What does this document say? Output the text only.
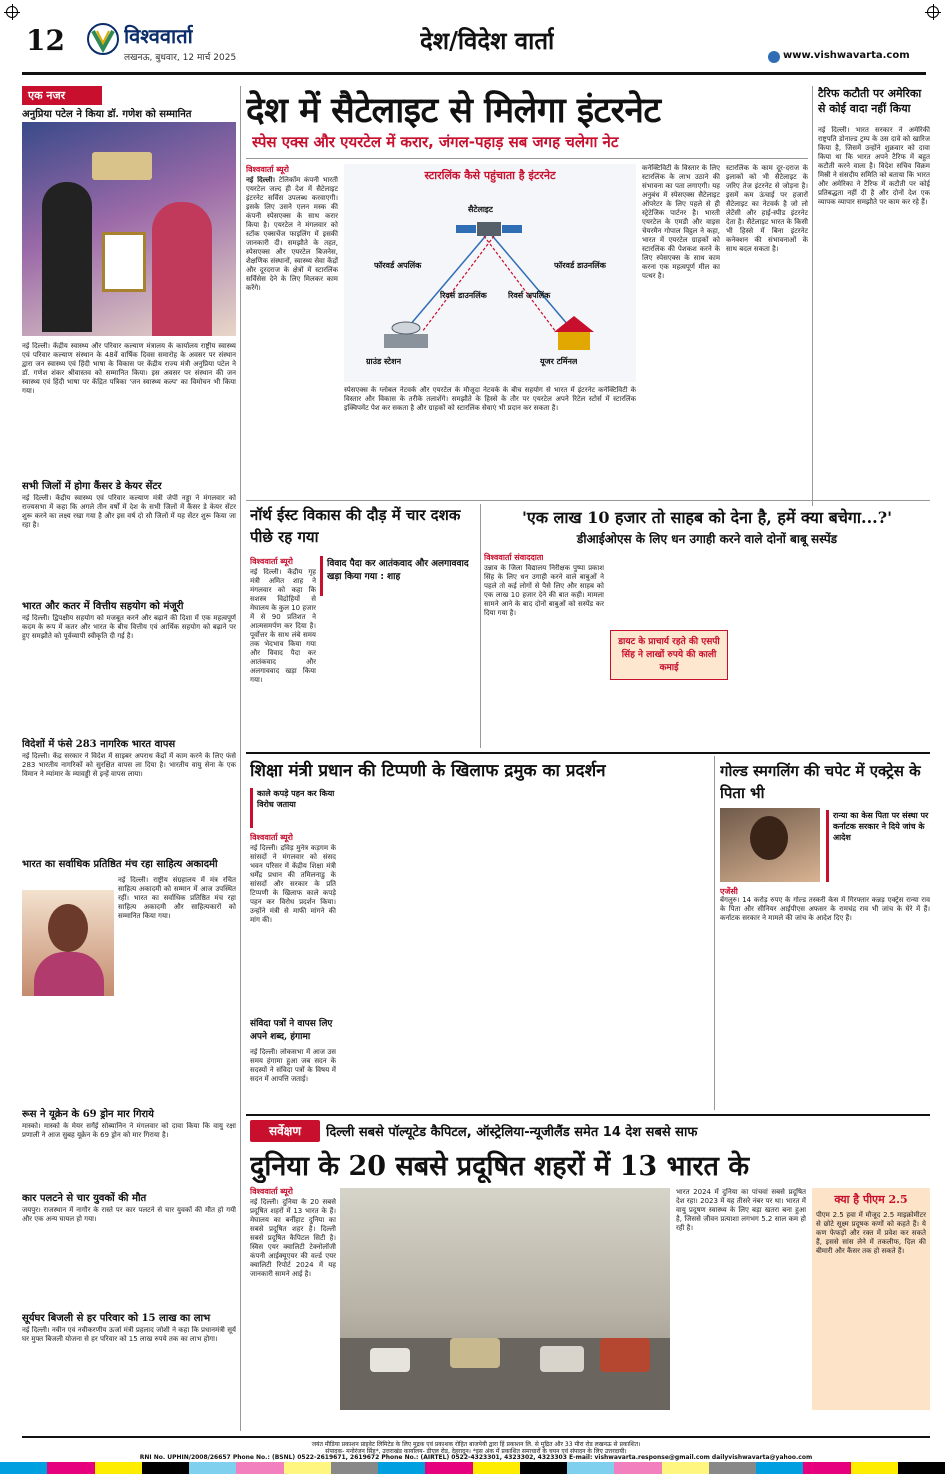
12	विश्ववार्ता
लखनऊ, बुधवार, 12 मार्च 2025
देश/विदेश वार्ता
www.vishwavarta.com
एक नजर
अनुप्रिया पटेल ने किया डॉ. गणेश को सम्मानित
नई दिल्ली। केंद्रीय स्वास्थ्य और परिवार कल्याण मंत्रालय के कार्यालय राष्ट्रीय स्वास्थ्य एवं परिवार कल्याण संस्थान के 48वें वार्षिक दिवस समारोह के अवसर पर संस्थान द्वारा जन स्वास्थ्य एवं हिंदी भाषा के विकास पर केंद्रीय राज्य मंत्री अनुप्रिया पटेल ने डॉ. गणेश शंकर श्रीवास्तव को सम्मानित किया। इस अवसर पर संस्थान की जन स्वास्थ्य एवं हिंदी भाषा पर केंद्रित पत्रिका 'जन स्वास्थ्य कल्प' का विमोचन भी किया गया।
सभी जिलों में होगा कैंसर डे केयर सेंटर
नई दिल्ली। केंद्रीय स्वास्थ्य एवं परिवार कल्याण मंत्री जेपी नड्डा ने मंगलवार को राज्यसभा में कहा कि अगले तीन वर्षों में देश के सभी जिलों में कैंसर डे केयर सेंटर शुरू करने का लक्ष्य रखा गया है और इस वर्ष दो सौ जिलों में यह सेंटर शुरू किया जा रहा है।
भारत और कतर में वित्तीय सहयोग को मंजूरी
नई दिल्ली। द्विपक्षीय सहयोग को मजबूत करने और बढ़ाने की दिशा में एक महत्वपूर्ण कदम के रूप में कतर और भारत के बीच वित्तीय एवं आर्थिक सहयोग को बढ़ाने पर हुए समझौते को पूर्वव्यापी स्वीकृति दी गई है।
विदेशों में फंसे 283 नागरिक भारत वापस
नई दिल्ली। केंद्र सरकार ने विदेश में साइबर अपराध केंद्रों में काम करने के लिए फंसे 283 भारतीय नागरिकों को सुरक्षित वापस ला दिया है। भारतीय वायु सेना के एक विमान ने म्यांमार के म्यावड्डी से इन्हें वापस लाया।
भारत का सर्वाधिक प्रतिष्ठित मंच रहा साहित्य अकादमी
नई दिल्ली। राष्ट्रीय संग्रहालय में मंत्र रचित साहित्य अकादमी को सम्मान में आज उपस्थित रहीं। भारत का सर्वाधिक प्रतिष्ठित मंच रहा साहित्य अकादमी और साहित्यकारों को सम्मानित किया गया।
रूस ने यूक्रेन के 69 ड्रोन मार गिराये
मास्को। मास्को के मेयर सर्गेई सोब्यानिन ने मंगलवार को दावा किया कि वायु रक्षा प्रणाली ने आज सुबह यूक्रेन के 69 ड्रोन को मार गिराया है।
कार पलटने से चार युवकों की मौत
जयपुर। राजस्थान में नागौर के रास्ते पर कार पलटने से चार युवकों की मौत हो गयी और एक अन्य घायल हो गया।
सूर्यघर बिजली से हर परिवार को 15 लाख का लाभ
नई दिल्ली। नवीन एवं नवीकरणीय ऊर्जा मंत्री प्रहलाद जोशी ने कहा कि प्रधानमंत्री सूर्य घर मुफ्त बिजली योजना से हर परिवार को 15 लाख रुपये तक का लाभ होगा।
देश में सैटेलाइट से मिलेगा इंटरनेट
स्पेस एक्स और एयरटेल में करार, जंगल-पहाड़ सब जगह चलेगा नेट
विश्ववार्ता ब्यूरो
नई दिल्ली। टेलिकॉम कंपनी भारती एयरटेल जल्द ही देश में सैटेलाइट इंटरनेट सर्विस उपलब्ध करवाएगी। इसके लिए उसने एलन मस्क की कंपनी स्पेसएक्स के साथ करार किया है। एयरटेल ने मंगलवार को स्टॉक एक्सचेंज फाइलिंग में इसकी जानकारी दी। समझौते के तहत, स्पेसएक्स और एयरटेल बिजनेस, शैक्षणिक संस्थानों, स्वास्थ्य सेवा केंद्रों और दूरदराज के क्षेत्रों में स्टारलिंक सर्विसेस देने के लिए मिलकर काम करेंगे।
स्टारलिंक कैसे पहुंचाता है इंटरनेट
सैटेलाइट
फॉरवर्ड अपलिंक	फॉरवर्ड डाउनलिंक
रिवर्स डाउनलिंक	रिवर्स अपलिंक
ग्राउंड स्टेशन	यूजर टर्मिनल
स्पेसएक्स के ग्लोबल नेटवर्क और एयरटेल के मौजूदा नेटवर्क के बीच सहयोग से भारत में इंटरनेट कनेक्टिविटी के विस्तार और विकास के तरीके तलाशेंगे। समझौते के हिस्से के तौर पर एयरटेल अपने रिटेल स्टोर्स में स्टारलिंक इक्विपमेंट पेश कर सकता है और ग्राहकों को स्टारलिंक सेवाएं भी प्रदान कर सकता है।
कनेक्टिविटी के विस्तार के लिए स्टारलिंक के लाभ उठाने की संभावना का पता लगाएगी। यह अनुबंध में स्पेसएक्स सैटेलाइट ऑपरेटर के लिए पहले से ही स्ट्रेटेजिक पार्टनर है। भारती एयरटेल के एमडी और वाइस चेयरमैन गोपाल विट्ठल ने कहा, भारत में एयरटेल ग्राहकों को स्टारलिंक की पेशकश करने के लिए स्पेसएक्स के साथ काम करना एक महत्वपूर्ण मील का पत्थर है।
स्टारलिंक के काम दूर-दराज के इलाकों को भी सैटेलाइट के जरिए तेज इंटरनेट से जोड़ना है। इसमें कम ऊंचाई पर हजारों सैटेलाइट का नेटवर्क है जो लो लेटेंसी और हाई-स्पीड इंटरनेट देता है। सैटेलाइट भारत के किसी भी हिस्से में बिना इंटरनेट कनेक्शन की संभावनाओं के साथ बदल सकता है।
टैरिफ कटौती पर अमेरिका से कोई वादा नहीं किया
नई दिल्ली। भारत सरकार ने अमेरिकी राष्ट्रपति डोनाल्ड ट्रम्प के उस दावे को खारिज किया है, जिसमें उन्होंने शुक्रवार को दावा किया था कि भारत अपने टैरिफ में बहुत कटौती करने वाला है। विदेश सचिव विक्रम मिस्री ने संसदीय समिति को बताया कि भारत और अमेरिका ने टैरिफ में कटौती पर कोई प्रतिबद्धता नहीं दी है और दोनों देश एक व्यापक व्यापार समझौते पर काम कर रहे हैं।
नॉर्थ ईस्ट विकास की दौड़ में चार दशक पीछे रह गया
विश्ववार्ता ब्यूरो	विवाद पैदा कर आतंकवाद और अलगाववाद खड़ा किया गया : शाह
नई दिल्ली। केंद्रीय गृह मंत्री अमित शाह ने मंगलवार को कहा कि सशस्त्र विद्रोहियों से मेघालय के कुल 10 हजार में से 90 प्रतिशत ने आत्मसमर्पण कर दिया है। पूर्वोत्तर के साथ लंबे समय तक भेदभाव किया गया और विवाद पैदा कर आतंकवाद और अलगाववाद खड़ा किया गया।
'एक लाख 10 हजार तो साहब को देना है, हमें क्या बचेगा...?'
डीआईओएस के लिए धन उगाही करने वाले दोनों बाबू सस्पेंड
विश्ववार्ता संवाददाता
उन्नाव के जिला विद्यालय निरीक्षक पुष्पा प्रकाश सिंह के लिए धन उगाही करने वाले बाबुओं ने पहले तो कई लोगों से पैसे लिए और साहब को एक लाख 10 हजार देने की बात कही। मामला सामने आने के बाद दोनों बाबुओं को सस्पेंड कर दिया गया है।
डायट के प्राचार्य रहते की एसपी सिंह ने लाखों रुपये की काली कमाई
शिक्षा मंत्री प्रधान की टिप्पणी के खिलाफ द्रमुक का प्रदर्शन
काले कपड़े पहन कर किया विरोध जताया
विश्ववार्ता ब्यूरो
नई दिल्ली। द्रविड़ मुनेत्र कड़गम के सांसदों ने मंगलवार को संसद भवन परिसर में केंद्रीय शिक्षा मंत्री धर्मेंद्र प्रधान की तमिलनाडु के सांसदों और सरकार के प्रति टिप्पणी के खिलाफ काले कपड़े पहन कर विरोध प्रदर्शन किया। उन्होंने मंत्री से माफी मांगने की मांग की।
संविदा पत्रों ने वापस लिए अपने शब्द, हंगामा
नई दिल्ली। लोकसभा में आज उस समय हंगामा हुआ जब सदन के सदस्यों ने संविदा पत्रों के विषय में सदन में आपत्ति जताई।
गोल्ड स्मगलिंग की चपेट में एक्ट्रेस के पिता भी
रान्या का केस पिता पर संस्था पर कर्नाटक सरकार ने दिये जांच के आदेश
एजेंसी
बेंगलुरु। 14 करोड़ रुपए के गोल्ड तस्करी केस में गिरफ्तार कन्नड़ एक्ट्रेस रान्या राव के पिता और सीनियर आईपीएस अफसर के रामचंद्र राव भी जांच के घेरे में हैं। कर्नाटक सरकार ने मामले की जांच के आदेश दिए हैं।
सर्वेक्षण	दिल्ली सबसे पॉल्यूटेड कैपिटल, ऑस्ट्रेलिया-न्यूजीलैंड समेत 14 देश सबसे साफ
दुनिया के 20 सबसे प्रदूषित शहरों में 13 भारत के
विश्ववार्ता ब्यूरो
नई दिल्ली। दुनिया के 20 सबसे प्रदूषित शहरों में 13 भारत के हैं। मेघालय का बर्नीहाट दुनिया का सबसे प्रदूषित शहर है। दिल्ली सबसे प्रदूषित कैपिटल सिटी है। स्विस एयर क्वालिटी टेक्नोलॉजी कंपनी आईक्यूएयर की वर्ल्ड एयर क्वालिटी रिपोर्ट 2024 में यह जानकारी सामने आई है।
भारत 2024 में दुनिया का पांचवां सबसे प्रदूषित देश रहा। 2023 में यह तीसरे नंबर पर था। भारत में वायु प्रदूषण स्वास्थ्य के लिए बड़ा खतरा बना हुआ है, जिससे जीवन प्रत्याशा लगभग 5.2 साल कम हो रही है।
क्या है पीएम 2.5
पीएम 2.5 हवा में मौजूद 2.5 माइक्रोमीटर से छोटे सूक्ष्म प्रदूषक कणों को कहते हैं। ये कण फेफड़ों और रक्त में प्रवेश कर सकते हैं, इससे सांस लेने में तकलीफ, दिल की बीमारी और कैंसर तक हो सकते हैं।
जयंत मीडिया प्रकाशन प्राइवेट लिमिटेड के लिए मुद्रक एवं प्रकाशक रोहित बाजपेयी द्वारा हिं प्रकाशन लि. से मुद्रित और 33 मीरा रोड लखनऊ से प्रकाशित।
संपादक- मनोरंजन सिंह*, उत्तराखंड कार्यालय- डीएल रोड, देहरादून। *इस अंक में प्रकाशित समाचारों के चयन एवं संपादन के लिए उत्तरदायी।
RNI No. UPHIN/2008/26657 Phone No.: (BSNL) 0522-2619671, 2619672 Phone No.: (AIRTEL) 0522-4323301, 4323302, 4323303 E-mail: vishwavarta.response@gmail.com dailyvishwavarta@yahoo.com
